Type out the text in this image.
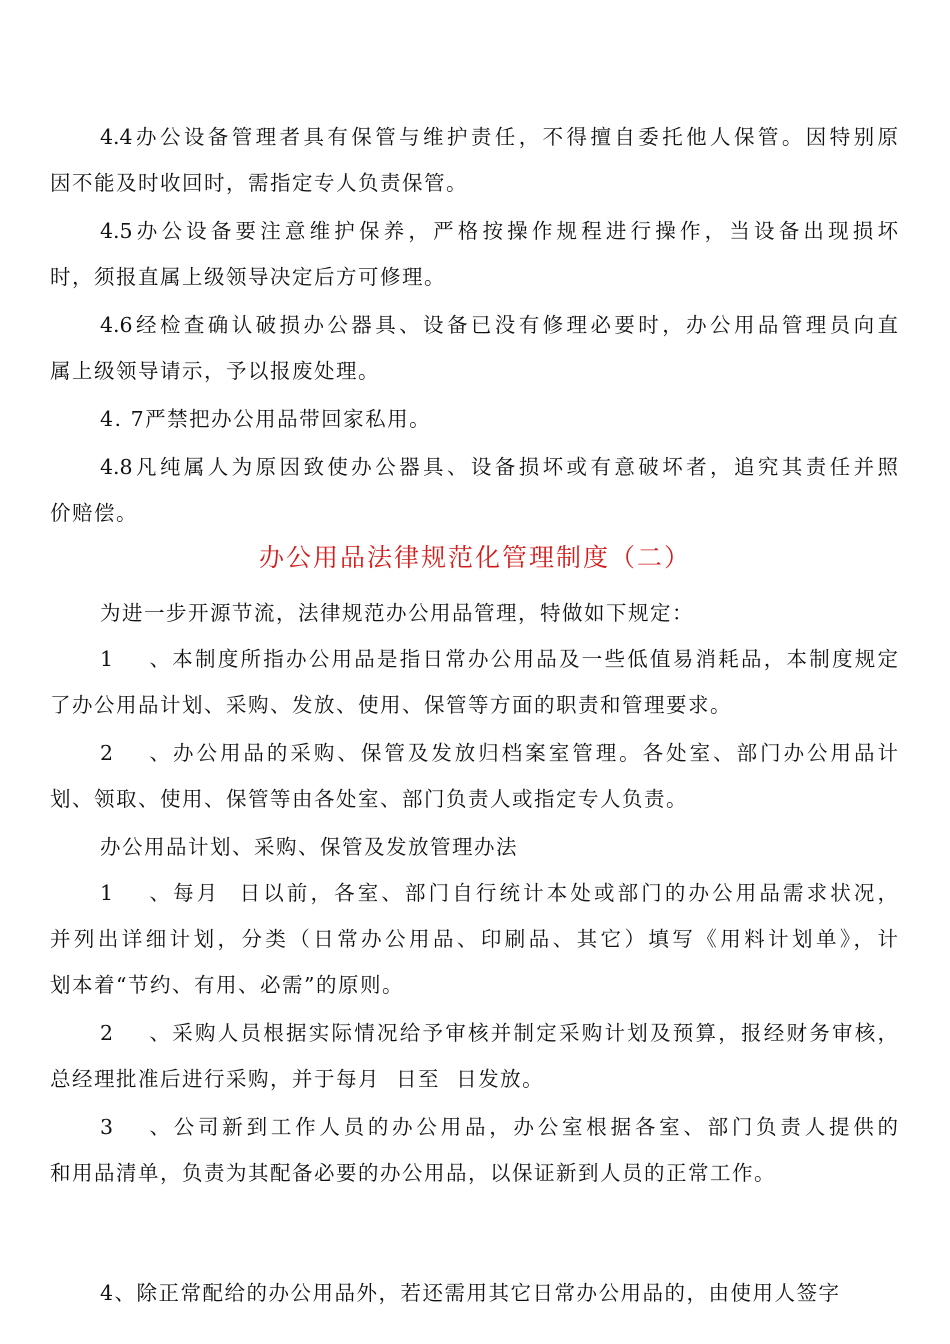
4.4办公设备管理者具有保管与维护责任，不得擅自委托他人保管。因特别原
因不能及时收回时，需指定专人负责保管。
4.5办公设备要注意维护保养，严格按操作规程进行操作，当设备出现损坏
时，须报直属上级领导决定后方可修理。
4.6经检查确认破损办公器具、设备已没有修理必要时，办公用品管理员向直
属上级领导请示，予以报废处理。
4. 7严禁把办公用品带回家私用。
4.8凡纯属人为原因致使办公器具、设备损坏或有意破坏者，追究其责任并照
价赔偿。
办公用品法律规范化管理制度（二）
为进一步开源节流，法律规范办公用品管理，特做如下规定：
1、本制度所指办公用品是指日常办公用品及一些低值易消耗品，本制度规定
了办公用品计划、采购、发放、使用、保管等方面的职责和管理要求。
2、办公用品的采购、保管及发放归档案室管理。各处室、部门办公用品计
划、领取、使用、保管等由各处室、部门负责人或指定专人负责。
办公用品计划、采购、保管及发放管理办法
1、每月  日以前，各室、部门自行统计本处或部门的办公用品需求状况，
并列出详细计划，分类（日常办公用品、印刷品、其它）填写《用料计划单》，计
划本着“节约、有用、必需”的原则。
2、采购人员根据实际情况给予审核并制定采购计划及预算，报经财务审核，
总经理批准后进行采购，并于每月  日至  日发放。
3、公司新到工作人员的办公用品，办公室根据各室、部门负责人提供的
和用品清单，负责为其配备必要的办公用品，以保证新到人员的正常工作。
4、除正常配给的办公用品外，若还需用其它日常办公用品的，由使用人签字
